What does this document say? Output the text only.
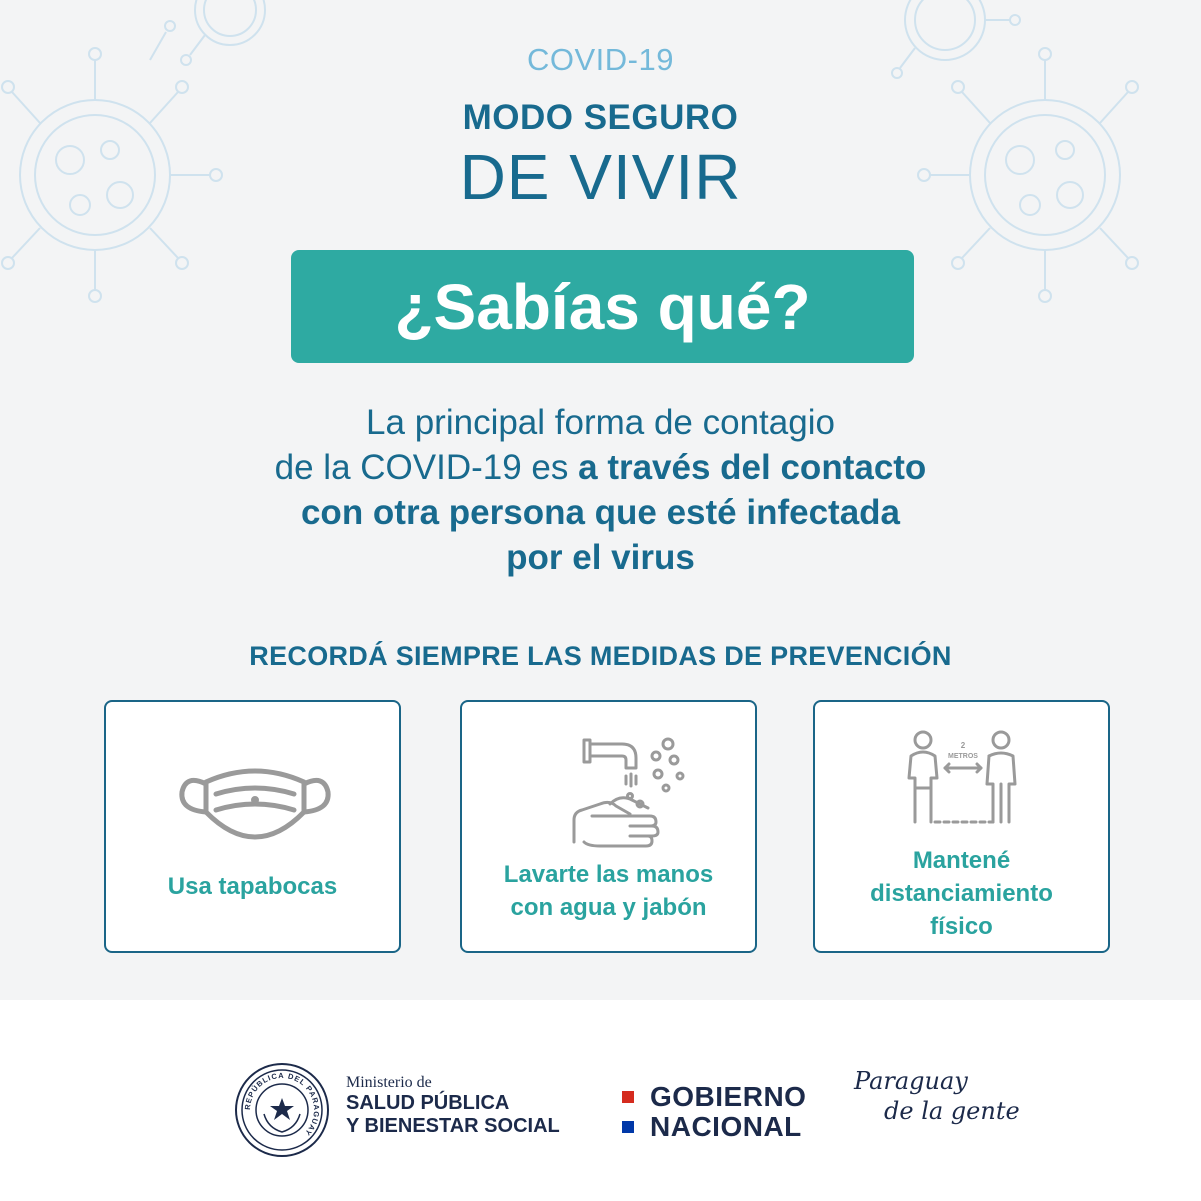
COVID-19
MODO SEGURO
DE VIVIR
¿Sabías qué?
La principal forma de contagio
de la COVID-19 es a través del contacto
con otra persona que esté infectada
por el virus
RECORDÁ SIEMPRE LAS MEDIDAS DE PREVENCIÓN
Usa tapabocas	Lavarte las manos
con agua y jabón
2
METROS
Mantené
distanciamiento
físico
REPÚBLICA DEL PARAGUAY
Ministerio de
SALUD PÚBLICA
Y BIENESTAR SOCIAL
GOBIERNO
NACIONAL
Paraguay
de la gente
